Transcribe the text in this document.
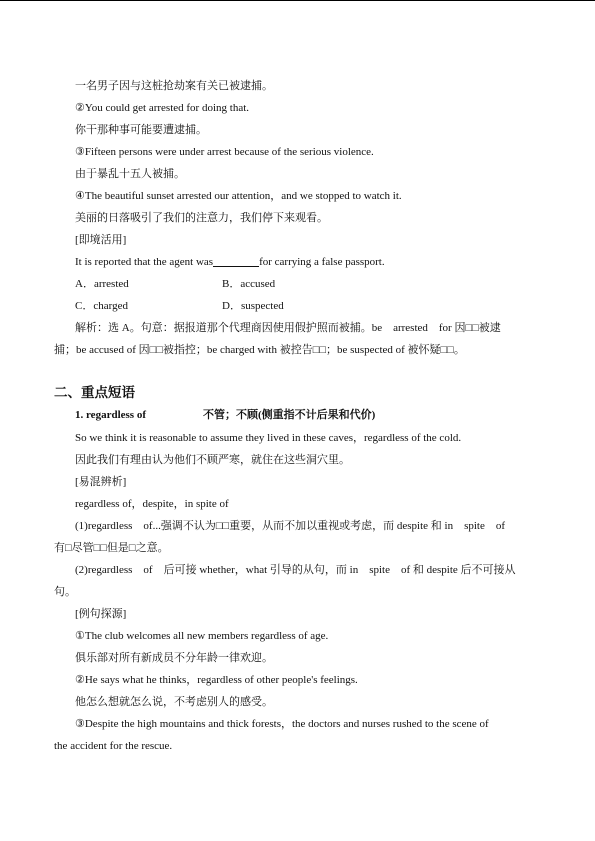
一名男子因与这桩抢劫案有关已被逮捕。
②You could get arrested for doing that.
你干那种事可能要遭逮捕。
③Fifteen persons were under arrest because of the serious violence.
由于暴乱十五人被捕。
④The beautiful sunset arrested our attention，and we stopped to watch it.
美丽的日落吸引了我们的注意力，我们停下来观看。
[即境活用]
It is reported that the agent was	for carrying a false passport.
A．arrested	B．accused
C．charged	D．suspected
解析：选 A。句意：据报道那个代理商因使用假护照而被捕。be　arrested　for 因□□被逮
捕；be accused of 因□□被指控；be charged with 被控告□□；be suspected of 被怀疑□□。
二、重点短语
1. regardless of	不管；不顾(侧重指不计后果和代价)
So we think it is reasonable to assume they lived in these caves，regardless of the cold.
因此我们有理由认为他们不顾严寒，就住在这些洞穴里。
[易混辨析]
regardless of，despite，in spite of
(1)regardless　of...强调不认为□□重要，从而不加以重视或考虑，而 despite 和 in　spite　of
有□尽管□□但是□之意。
(2)regardless　of　后可接 whether，what 引导的从句，而 in　spite　of 和 despite 后不可接从
句。
[例句探源]
①The club welcomes all new members regardless of age.
俱乐部对所有新成员不分年龄一律欢迎。
②He says what he thinks，regardless of other people's feelings.
他怎么想就怎么说，不考虑别人的感受。
③Despite the high mountains and thick forests，the doctors and nurses rushed to the scene of
the accident for the rescue.
